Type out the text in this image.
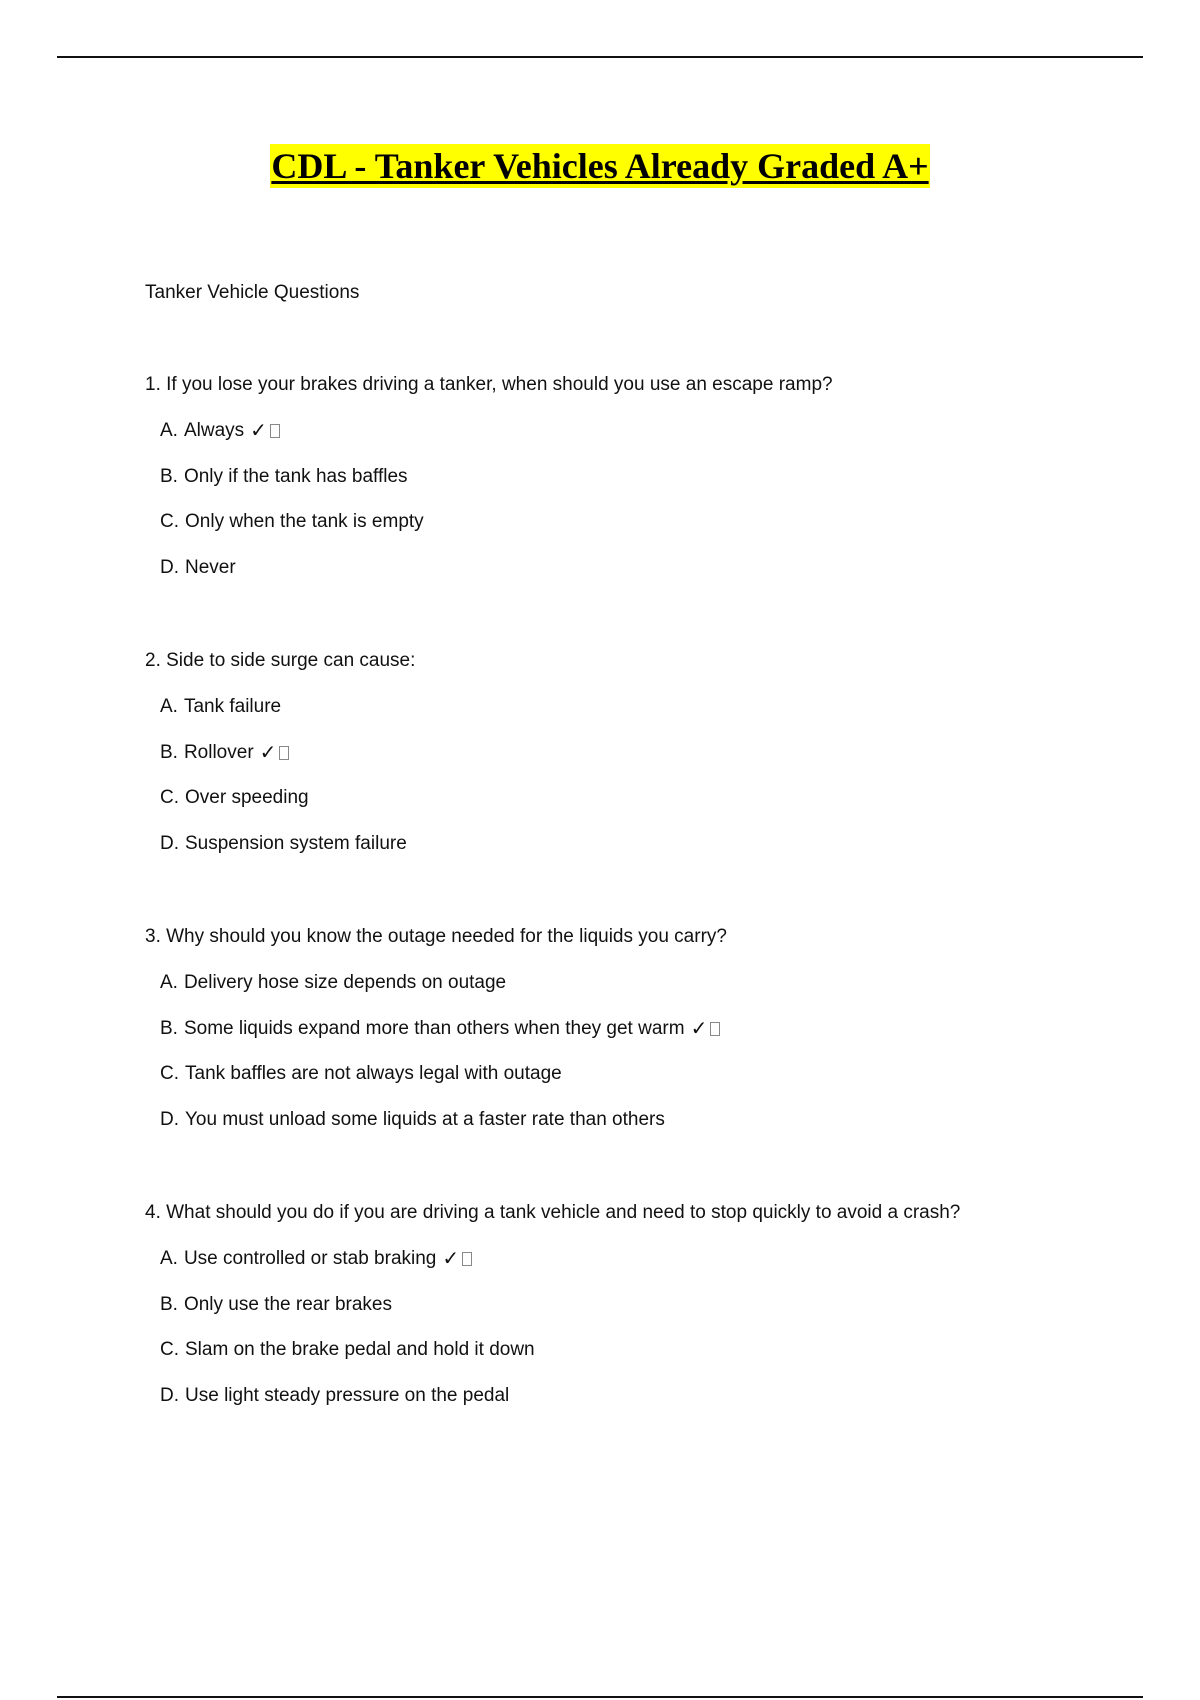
CDL - Tanker Vehicles Already Graded A+
Tanker Vehicle Questions
1. If you lose your brakes driving a tanker, when should you use an escape ramp?
A. Always ✓
B. Only if the tank has baffles
C. Only when the tank is empty
D. Never
2. Side to side surge can cause:
A. Tank failure
B. Rollover ✓
C. Over speeding
D. Suspension system failure
3. Why should you know the outage needed for the liquids you carry?
A. Delivery hose size depends on outage
B. Some liquids expand more than others when they get warm ✓
C. Tank baffles are not always legal with outage
D. You must unload some liquids at a faster rate than others
4. What should you do if you are driving a tank vehicle and need to stop quickly to avoid a crash?
A. Use controlled or stab braking ✓
B. Only use the rear brakes
C. Slam on the brake pedal and hold it down
D. Use light steady pressure on the pedal
